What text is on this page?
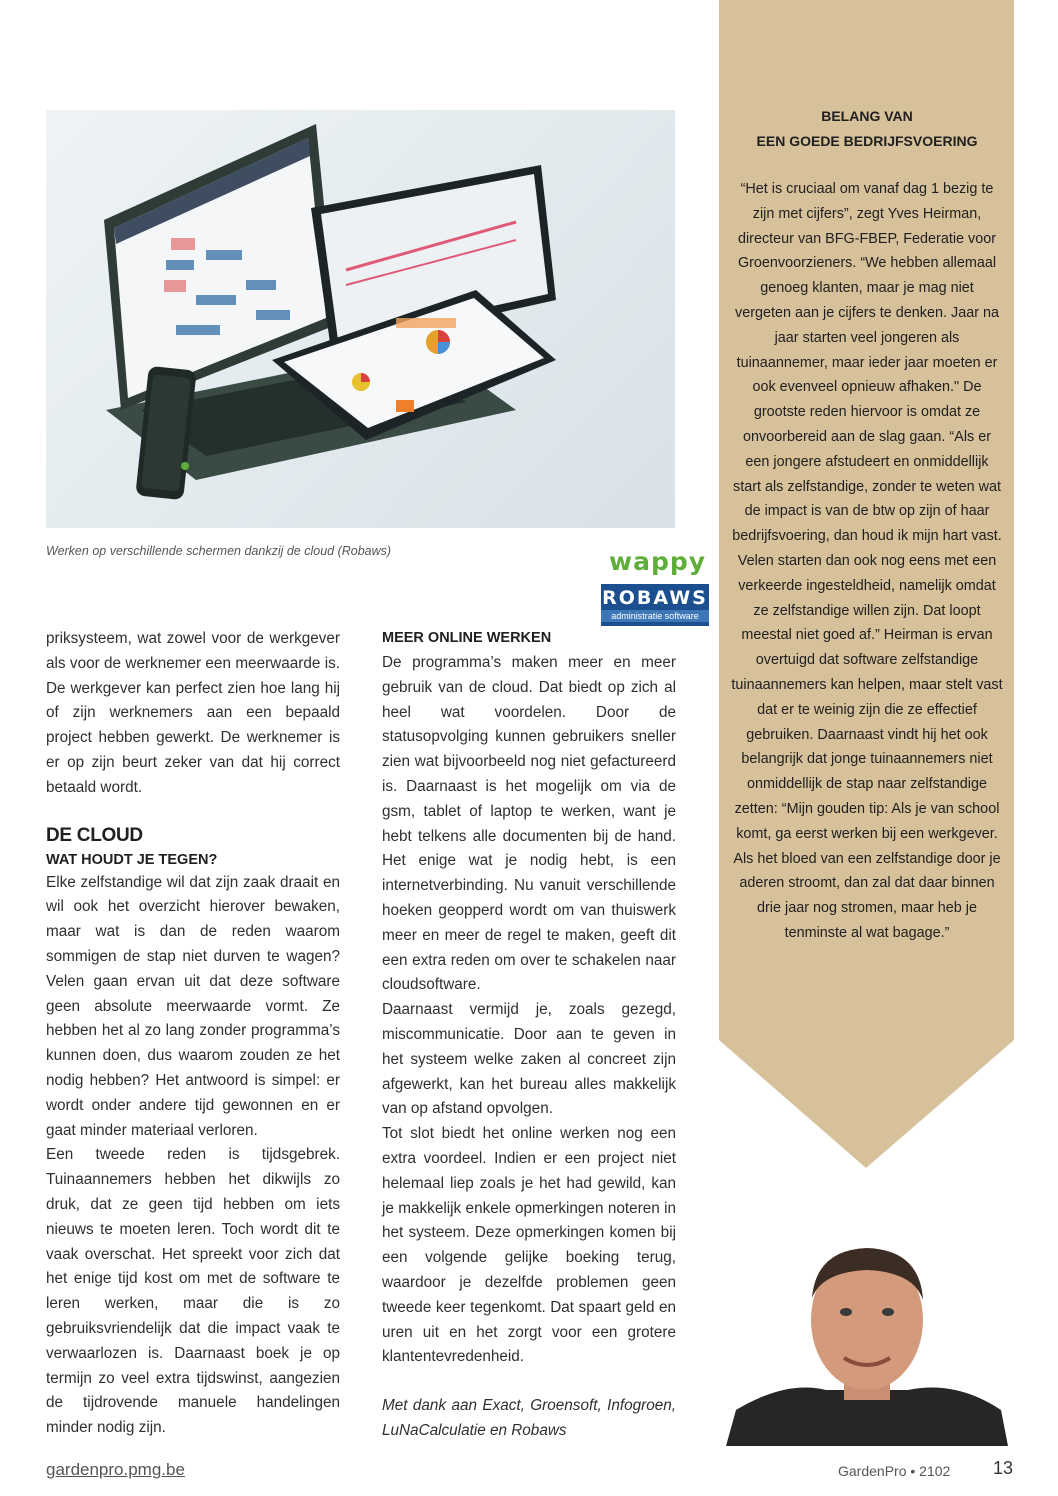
wappy
ROBAWS
administratie software
Werken op verschillende schermen dankzij de cloud (Robaws)

priksysteem, wat zowel voor de werkgever als voor de werknemer een meerwaarde is. De werkgever kan perfect zien hoe lang hij of zijn werknemers aan een bepaald project hebben gewerkt. De werknemer is er op zijn beurt zeker van dat hij correct betaald wordt.

DE CLOUD
WAT HOUDT JE TEGEN?

Elke zelfstandige wil dat zijn zaak draait en wil ook het overzicht hierover bewaken, maar wat is dan de reden waarom sommigen de stap niet durven te wagen? Velen gaan ervan uit dat deze software geen absolute meerwaarde vormt. Ze hebben het al zo lang zonder programma’s kunnen doen, dus waarom zouden ze het nodig hebben? Het antwoord is simpel: er wordt onder andere tijd gewonnen en er gaat minder materiaal verloren.

Een tweede reden is tijdsgebrek. Tuinaannemers hebben het dikwijls zo druk, dat ze geen tijd hebben om iets nieuws te moeten leren. Toch wordt dit te vaak overschat. Het spreekt voor zich dat het enige tijd kost om met de software te leren werken, maar die is zo gebruiksvriendelijk dat die impact vaak te verwaarlozen is. Daarnaast boek je op termijn zo veel extra tijdswinst, aangezien de tijdrovende manuele handelingen minder nodig zijn.

MEER ONLINE WERKEN

De programma’s maken meer en meer gebruik van de cloud. Dat biedt op zich al heel wat voordelen. Door de statusopvolging kunnen gebruikers sneller zien wat bijvoorbeeld nog niet gefactureerd is. Daarnaast is het mogelijk om via de gsm, tablet of laptop te werken, want je hebt telkens alle documenten bij de hand. Het enige wat je nodig hebt, is een internetverbinding. Nu vanuit verschillende hoeken geopperd wordt om van thuiswerk meer en meer de regel te maken, geeft dit een extra reden om over te schakelen naar cloudsoftware.

Daarnaast vermijd je, zoals gezegd, miscommunicatie. Door aan te geven in het systeem welke zaken al concreet zijn afgewerkt, kan het bureau alles makkelijk van op afstand opvolgen.

Tot slot biedt het online werken nog een extra voordeel. Indien er een project niet helemaal liep zoals je het had gewild, kan je makkelijk enkele opmerkingen noteren in het systeem. Deze opmerkingen komen bij een volgende gelijke boeking terug, waardoor je dezelfde problemen geen tweede keer tegenkomt. Dat spaart geld en uren uit en het zorgt voor een grotere klantentevredenheid.

Met dank aan Exact, Groensoft, Infogroen, LuNaCalculatie en Robaws

BELANG VAN
EEN GOEDE BEDRIJFSVOERING
“Het is cruciaal om vanaf dag 1 bezig te zijn met cijfers”, zegt Yves Heirman, directeur van BFG-FBEP, Federatie voor Groenvoorzieners. “We hebben allemaal genoeg klanten, maar je mag niet vergeten aan je cijfers te denken. Jaar na jaar starten veel jongeren als tuinaannemer, maar ieder jaar moeten er ook evenveel opnieuw afhaken." De grootste reden hiervoor is omdat ze onvoorbereid aan de slag gaan. “Als er een jongere afstudeert en onmiddellijk start als zelfstandige, zonder te weten wat de impact is van de btw op zijn of haar bedrijfsvoering, dan houd ik mijn hart vast. Velen starten dan ook nog eens met een verkeerde ingesteldheid, namelijk omdat ze zelfstandige willen zijn. Dat loopt meestal niet goed af.” Heirman is ervan overtuigd dat software zelfstandige tuinaannemers kan helpen, maar stelt vast dat er te weinig zijn die ze effectief gebruiken. Daarnaast vindt hij het ook belangrijk dat jonge tuinaannemers niet onmiddellijk de stap naar zelfstandige zetten: “Mijn gouden tip: Als je van school komt, ga eerst werken bij een werkgever. Als het bloed van een zelfstandige door je aderen stroomt, dan zal dat daar binnen drie jaar nog stromen, maar heb je tenminste al wat bagage.”
gardenpro.pmg.be	GardenPro • 2102 13
